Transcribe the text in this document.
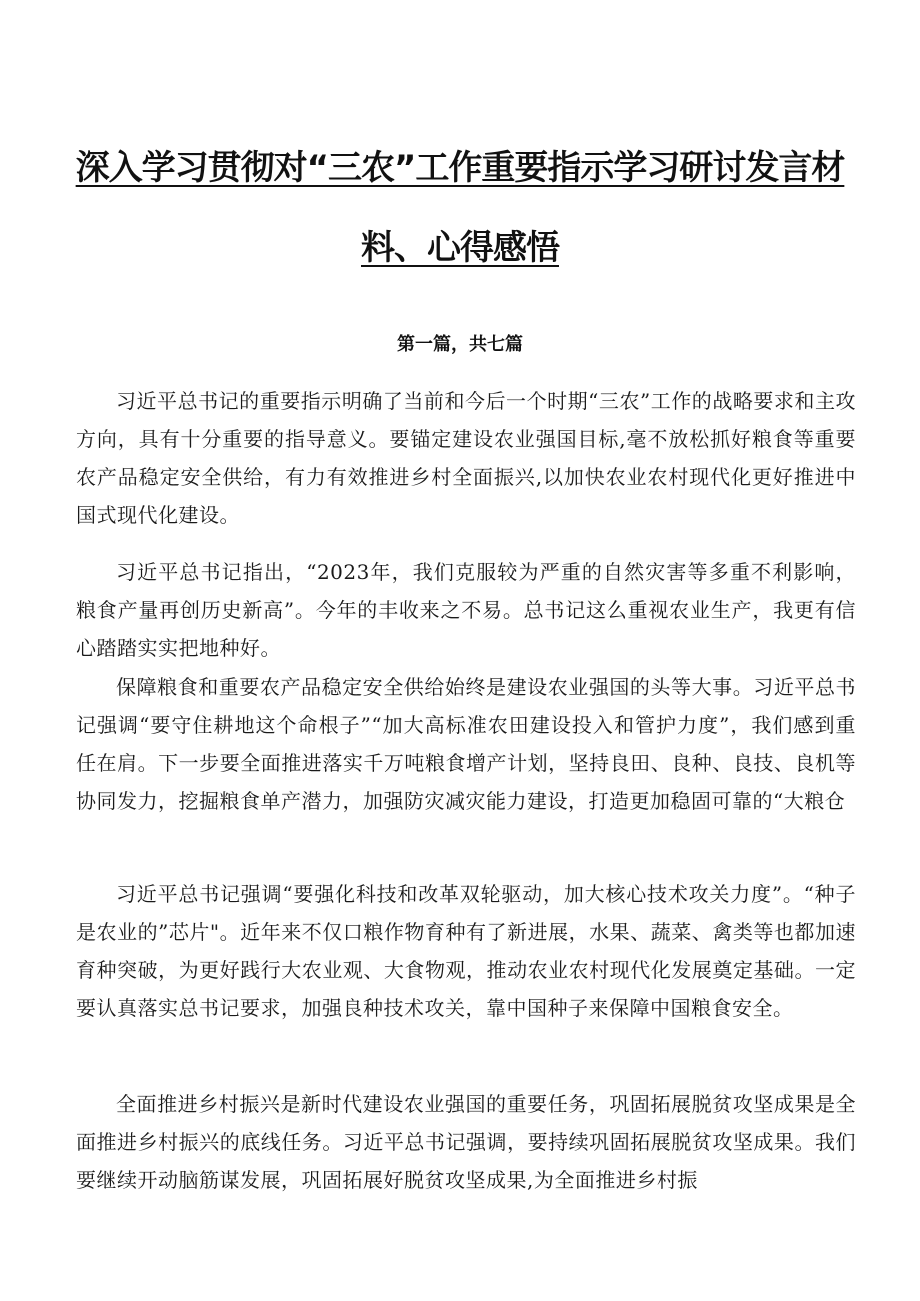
深入学习贯彻对“三农”工作重要指示学习研讨发言材
料、心得感悟
第一篇，共七篇

习近平总书记的重要指示明确了当前和今后一个时期“三农”工作的战略要求和主攻方向，具有十分重要的指导意义。要锚定建设农业强国目标,毫不放松抓好粮食等重要农产品稳定安全供给，有力有效推进乡村全面振兴,以加快农业农村现代化更好推进中国式现代化建设。

习近平总书记指出，“2023年，我们克服较为严重的自然灾害等多重不利影响，粮食产量再创历史新高”。今年的丰收来之不易。总书记这么重视农业生产，我更有信心踏踏实实把地种好。

保障粮食和重要农产品稳定安全供给始终是建设农业强国的头等大事。习近平总书记强调“要守住耕地这个命根子”“加大高标准农田建设投入和管护力度”，我们感到重任在肩。下一步要全面推进落实千万吨粮食增产计划，坚持良田、良种、良技、良机等协同发力，挖掘粮食单产潜力，加强防灾减灾能力建设，打造更加稳固可靠的“大粮仓

习近平总书记强调“要强化科技和改革双轮驱动，加大核心技术攻关力度”。“种子是农业的”芯片"。近年来不仅口粮作物育种有了新进展，水果、蔬菜、禽类等也都加速育种突破，为更好践行大农业观、大食物观，推动农业农村现代化发展奠定基础。一定要认真落实总书记要求，加强良种技术攻关，靠中国种子来保障中国粮食安全。

全面推进乡村振兴是新时代建设农业强国的重要任务，巩固拓展脱贫攻坚成果是全面推进乡村振兴的底线任务。习近平总书记强调，要持续巩固拓展脱贫攻坚成果。我们要继续开动脑筋谋发展，巩固拓展好脱贫攻坚成果,为全面推进乡村振
